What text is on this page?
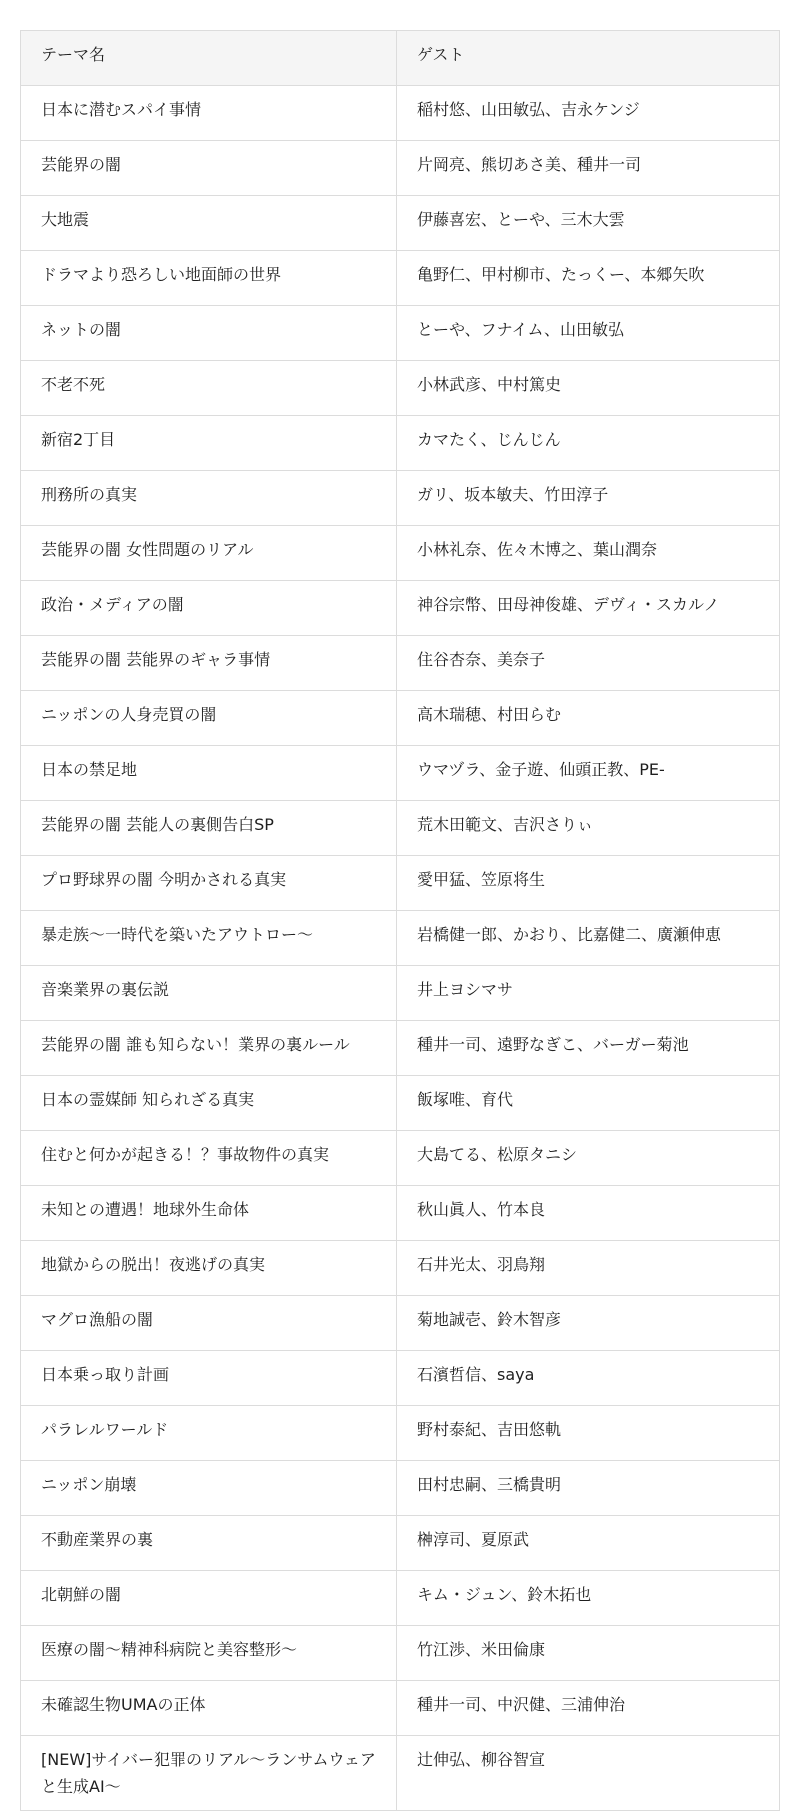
テーマ名	ゲスト
日本に潜むスパイ事情	稲村悠、山田敏弘、吉永ケンジ
芸能界の闇	片岡亮、熊切あさ美、種井一司
大地震	伊藤喜宏、とーや、三木大雲
ドラマより恐ろしい地面師の世界	亀野仁、甲村柳市、たっくー、本郷矢吹
ネットの闇	とーや、フナイム、山田敏弘
不老不死	小林武彦、中村篤史
新宿2丁目	カマたく、じんじん
刑務所の真実	ガリ、坂本敏夫、竹田淳子
芸能界の闇 女性問題のリアル	小林礼奈、佐々木博之、葉山潤奈
政治・メディアの闇	神谷宗幣、田母神俊雄、デヴィ・スカルノ
芸能界の闇 芸能界のギャラ事情	住谷杏奈、美奈子
ニッポンの人身売買の闇	高木瑞穂、村田らむ
日本の禁足地	ウマヅラ、金子遊、仙頭正教、PE-
芸能界の闇 芸能人の裏側告白SP	荒木田範文、吉沢さりぃ
プロ野球界の闇 今明かされる真実	愛甲猛、笠原将生
暴走族〜一時代を築いたアウトロー〜	岩橋健一郎、かおり、比嘉健二、廣瀬伸恵
音楽業界の裏伝説	井上ヨシマサ
芸能界の闇 誰も知らない！業界の裏ルール	種井一司、遠野なぎこ、バーガー菊池
日本の霊媒師 知られざる真実	飯塚唯、育代
住むと何かが起きる！？事故物件の真実	大島てる、松原タニシ
未知との遭遇！地球外生命体	秋山眞人、竹本良
地獄からの脱出！夜逃げの真実	石井光太、羽鳥翔
マグロ漁船の闇	菊地誠壱、鈴木智彦
日本乗っ取り計画	石濱哲信、saya
パラレルワールド	野村泰紀、吉田悠軌
ニッポン崩壊	田村忠嗣、三橋貴明
不動産業界の裏	榊淳司、夏原武
北朝鮮の闇	キム・ジュン、鈴木拓也
医療の闇〜精神科病院と美容整形〜	竹江渉、米田倫康
未確認生物UMAの正体	種井一司、中沢健、三浦伸治
[NEW]サイバー犯罪のリアル〜ランサムウェアと生成AI〜	辻伸弘、柳谷智宣
